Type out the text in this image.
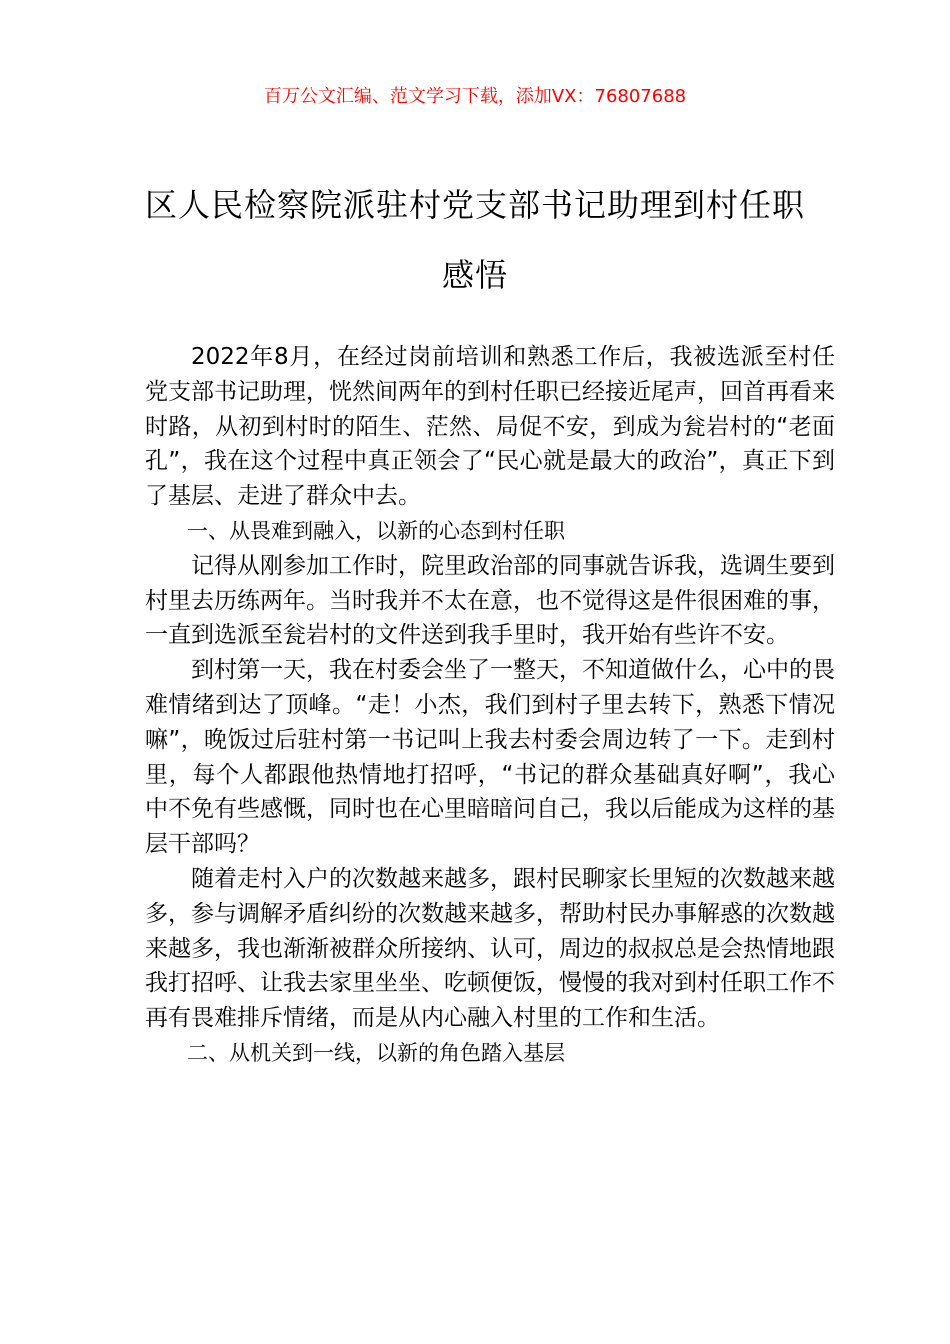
百万公文汇编、范文学习下载，添加VX：76807688
区人民检察院派驻村党支部书记助理到村任职感悟

2022年8月，在经过岗前培训和熟悉工作后，我被选派至村任党支部书记助理，恍然间两年的到村任职已经接近尾声，回首再看来时路，从初到村时的陌生、茫然、局促不安，到成为瓮岩村的“老面孔”，我在这个过程中真正领会了“民心就是最大的政治”，真正下到了基层、走进了群众中去。

一、从畏难到融入，以新的心态到村任职

记得从刚参加工作时，院里政治部的同事就告诉我，选调生要到村里去历练两年。当时我并不太在意，也不觉得这是件很困难的事，一直到选派至瓮岩村的文件送到我手里时，我开始有些许不安。

到村第一天，我在村委会坐了一整天，不知道做什么，心中的畏难情绪到达了顶峰。“走！小杰，我们到村子里去转下，熟悉下情况嘛”，晚饭过后驻村第一书记叫上我去村委会周边转了一下。走到村里，每个人都跟他热情地打招呼，“书记的群众基础真好啊”，我心中不免有些感慨，同时也在心里暗暗问自己，我以后能成为这样的基层干部吗？

随着走村入户的次数越来越多，跟村民聊家长里短的次数越来越多，参与调解矛盾纠纷的次数越来越多，帮助村民办事解惑的次数越来越多，我也渐渐被群众所接纳、认可，周边的叔叔总是会热情地跟我打招呼、让我去家里坐坐、吃顿便饭，慢慢的我对到村任职工作不再有畏难排斥情绪，而是从内心融入村里的工作和生活。

二、从机关到一线，以新的角色踏入基层
